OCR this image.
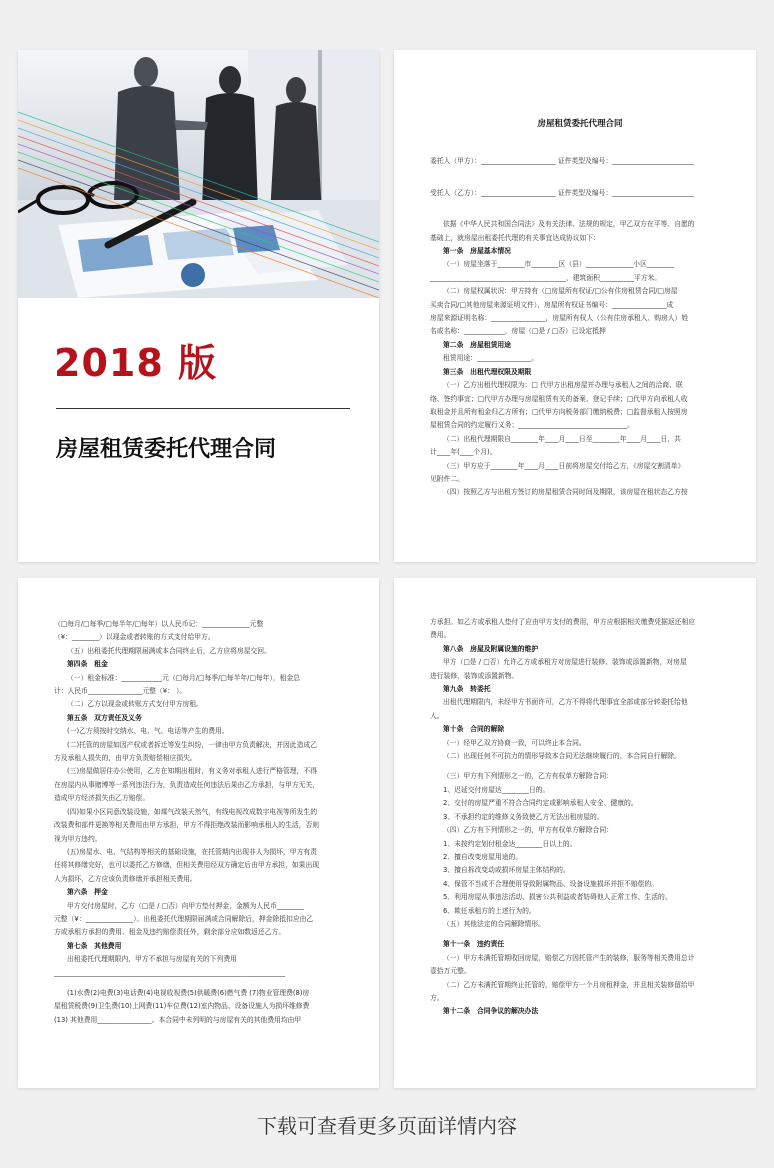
2018 版
房屋租赁委托代理合同

房屋租赁委托代理合同

委托人（甲方）：______________________ 证件类型及编号：________________________

受托人（乙方）：______________________ 证件类型及编号：________________________

依据《中华人民共和国合同法》及有关法律、法规的规定，甲乙双方在平等、自愿的

基础上，就房屋出租委托代理的有关事宜达成协议如下：

第一条　房屋基本情况

（一）房屋坐落于________市________区（县）______________小区________

________________________________________，建筑面积__________平方米。

（二）房屋权属状况：甲方持有（□房屋所有权证/□公有住房租赁合同/□房屋

买卖合同/□其他房屋来源证明文件），房屋所有权证书编号：________________成

房屋来源证明名称：________________，房屋所有权人（公有住房承租人、购房人）姓

名或名称：____________，房屋（□是 / □否）已设定抵押

第二条　房屋租赁用途

租赁用途：________________。

第三条　出租代理权限及期限

（一）乙方出租代理权限为：□ 代甲方出租房屋并办理与承租人之间的洽商、联

络、签约事宜；□代甲方办理与房屋租赁有关的备案、登记手续；□代甲方向承租人收

取租金并且所有租金归乙方所有；□代甲方向税务部门缴纳税费；□监督承租人按照房

屋租赁合同的约定履行义务；________________________________。

（二）出租代理期限自________年____月____日至________年____月____日，共

计____年(____个月)。

（三）甲方应于________年____月____日前将房屋交付给乙方，《房屋交割清单》

见附件二。

（四）按照乙方与出租方签订的房屋租赁合同时间及期限，该房屋在租状态乙方按

（□每月/□每季/□每半年/□每年）以人民币记：______________元整

（¥：________）以现金或者转账的方式支付给甲方。

（五）出租委托代理期限届满或本合同终止后，乙方应将房屋交回。

第四条　租金

（一）租金标准：____________元（□每月/□每季/□每半年/□每年），租金总

计：人民币________________元整（¥： ）。

（二）乙方以现金或转账方式支付甲方房租。

第五条　双方责任及义务

(一)乙方须按时交纳水、电、气、电话等产生的费用。

(二)托管的房屋如因产权或者拆迁等发生纠纷，一律由甲方负责解决，并因此造成乙

方及承租人损失的，由甲方负责赔偿相应损失。

(三)房屋做居住办公使用，乙方在知期出租时，有义务对承租人进行严格管理，不得

在房屋内从事赌博等一系列违法行为，负责造成任何违法后果由乙方承担，与甲方无关，

造成甲方经济损失由乙方赔偿。

(四)如果小区同意改装设施，如煤气改装天然气，有线电视改成数字电视等所发生的

改装费和部件更换等相关费用由甲方承担，甲方不得拒绝改装而影响承租人的生活，否则

视为甲方违约。

(五)房屋水、电、气结构等相关的基础设施，在托管期内出现非人为损坏，甲方有责

任将其修缮完好，也可以委托乙方修缮，但相关费用经双方确定后由甲方承担，如果出现

人为损坏，乙方应该负责修缮并承担相关费用。

第六条　押金

甲方交付房屋时，乙方（□是 / □否）向甲方垫付押金，金额为人民币________

元整（¥：______________）。出租委托代理期限届满或合同解除后，押金除抵扣应由乙

方或承租方承担的费用、租金及违约赔偿责任外，剩余部分应如数返还乙方。

第七条　其他费用

出租委托代理期限内，甲方不承担与房屋有关的下列费用

____________________________________________________________________

(1)水费(2)电费(3)电话费(4)电视收视费(5)供暖费(6)燃气费 (7)物业管理费(8)房

屋租赁税费(9)卫生费(10)上网费(11)车位费(12)室内物品、设备设施人为损坏维修费

(13) 其他费用________________。本合同中未列明的与房屋有关的其他费用均由甲

方承担。如乙方或承租人垫付了应由甲方支付的费用，甲方应根据相关缴费凭据返还相应

费用。

第八条　房屋及附属设施的维护

甲方（□是 / □否）允许乙方或承租方对房屋进行装修、装饰或添置新物，对房屋

进行装修、装饰或添置新物。

第九条　转委托

出租代理期限内，未经甲方书面许可，乙方不得将代理事宜全部或部分转委托给他

人。

第十条　合同的解除

（一）经甲乙双方协商一致，可以终止本合同。

（二）出现任何不可抗力的情形导致本合同无法继续履行的，本合同自行解除。

（三）甲方有下列情形之一的，乙方有权单方解除合同：

1、迟延交付房屋达________日的。

2、交付的房屋严重不符合合同约定或影响承租人安全、健康的。

3、不承担约定的维修义务致使乙方无法出租房屋的。

（四）乙方有下列情形之一的，甲方有权单方解除合同：

1、未按约定划付租金达________日以上的。

2、擅自改变房屋用途的。

3、擅自拆改变动或损坏房屋主体结构的。

4、保管不当或不合理使用导致附属物品、设备设施损坏并拒不赔偿的。

5、利用房屋从事违法活动、损害公共利益或者妨碍他人正常工作、生活的。

6、欺任承租方的上述行为的。

（五）其他法定的合同解除情形。

第十一条　违约责任

（一）甲方未满托管期收回房屋，赔偿乙方因托管产生的装修，服务等相关费用总计

壹拾万元整。

（二）乙方未满托管期终止托管的，赔偿甲方一个月房租押金，并且相关装修留给甲

方。

第十二条　合同争议的解决办法

下载可查看更多页面详情内容
